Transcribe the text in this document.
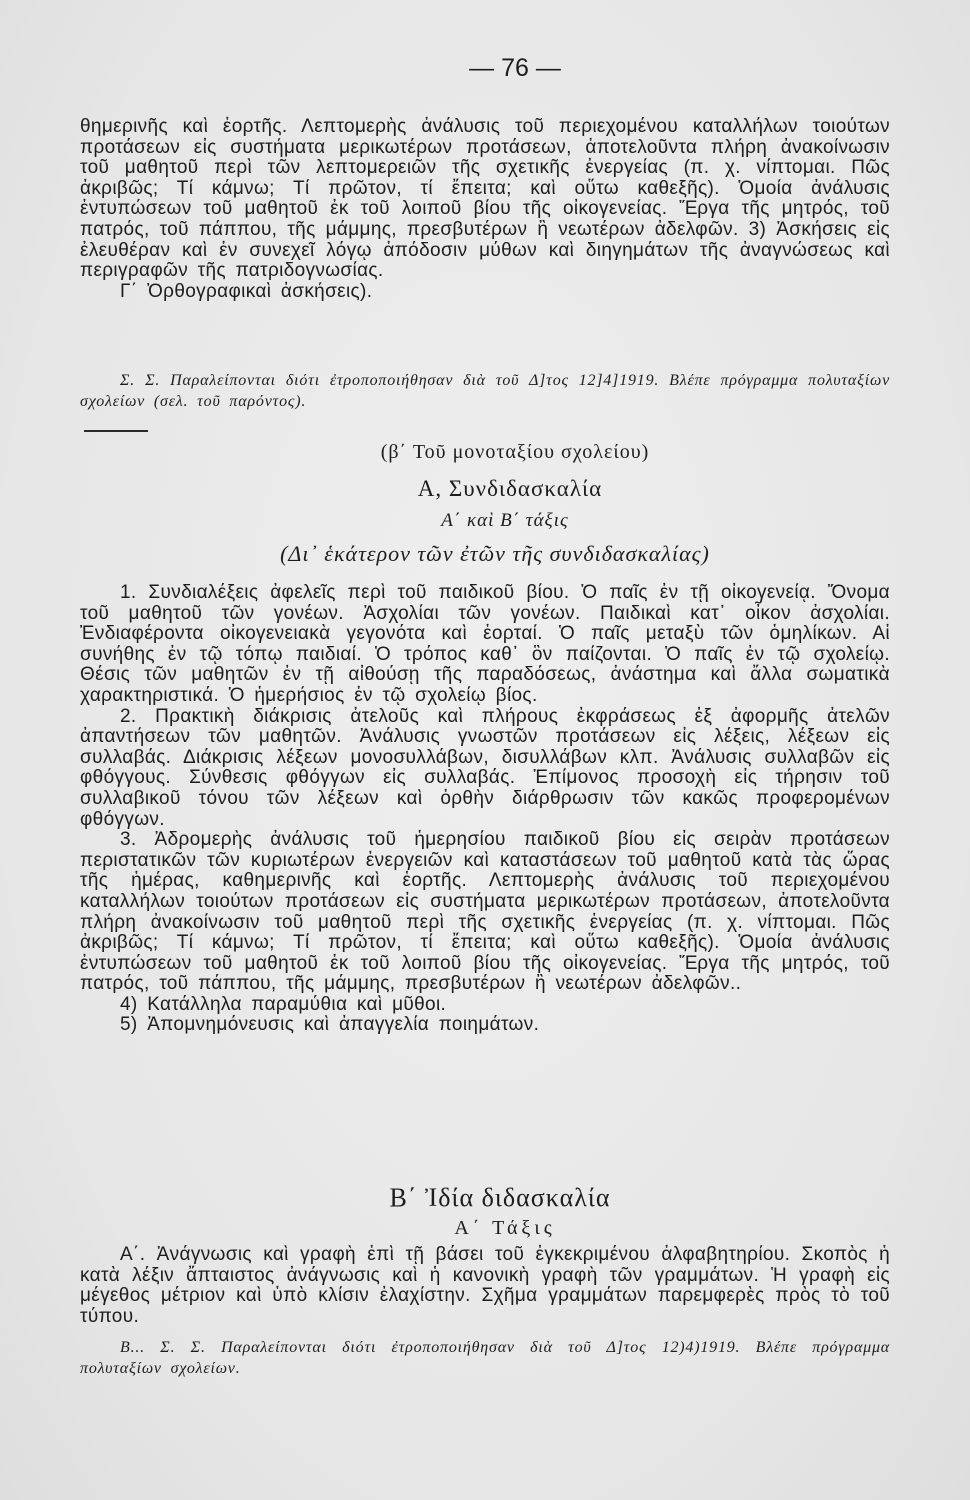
— 76 —

θημερινῆς καὶ ἑορτῆς. Λεπτομερὴς ἀνάλυσις τοῦ περιεχομένου καταλλήλων τοιούτων προτάσεων εἰς συστήματα μερικωτέρων προτάσεων, ἀποτελοῦντα πλήρη ἀνακοίνωσιν τοῦ μαθητοῦ περὶ τῶν λεπτομερειῶν τῆς σχετικῆς ἐνεργείας (π. χ. νίπτομαι. Πῶς ἀκριβῶς; Τί κάμνω; Τί πρῶτον, τί ἔπειτα; καὶ οὕτω καθεξῆς). Ὁμοία ἀνάλυσις ἐντυπώσεων τοῦ μαθητοῦ ἐκ τοῦ λοιποῦ βίου τῆς οἰκογενείας. Ἔργα τῆς μητρός, τοῦ πατρός, τοῦ πάππου, τῆς μάμμης, πρεσβυτέρων ἢ νεωτέρων ἀδελφῶν. 3) Ἀσκήσεις εἰς ἐλευθέραν καὶ ἐν συνεχεῖ λόγῳ ἀπόδοσιν μύθων καὶ διηγημάτων τῆς ἀναγνώσεως καὶ περιγραφῶν τῆς πατριδογνωσίας.

Γ΄ Ὀρθογραφικαὶ ἀσκήσεις).

Σ. Σ. Παραλείπονται διότι ἐτροποποιήθησαν διὰ τοῦ Δ]τος 12]4]1919. Βλέπε πρόγραμμα πολυταξίων σχολείων (σελ. τοῦ παρόντος).

(β΄ Τοῦ μονοταξίου σχολείου)
Α, Συνδιδασκαλία
Α΄ καὶ Β΄ τάξις
(Δι᾽ ἑκάτερον τῶν ἐτῶν τῆς συνδιδασκαλίας)

1. Συνδιαλέξεις ἀφελεῖς περὶ τοῦ παιδικοῦ βίου. Ὁ παῖς ἐν τῇ οἰκογενείᾳ. Ὄνομα τοῦ μαθητοῦ τῶν γονέων. Ἀσχολίαι τῶν γονέων. Παιδικαὶ κατ᾽ οἶκον ἀσχολίαι. Ἐνδιαφέροντα οἰκογενειακὰ γεγονότα καὶ ἑορταί. Ὁ παῖς μεταξὺ τῶν ὁμηλίκων. Αἱ συνήθης ἐν τῷ τόπῳ παιδιαί. Ὁ τρόπος καθ᾽ ὃν παίζονται. Ὁ παῖς ἐν τῷ σχολείῳ. Θέσις τῶν μαθητῶν ἐν τῇ αἰθούσῃ τῆς παραδόσεως, ἀνάστημα καὶ ἄλλα σωματικὰ χαρακτηριστικά. Ὁ ἡμερήσιος ἐν τῷ σχολείῳ βίος.

2. Πρακτικὴ διάκρισις ἀτελοῦς καὶ πλήρους ἐκφράσεως ἐξ ἀφορμῆς ἀτελῶν ἀπαντήσεων τῶν μαθητῶν. Ἀνάλυσις γνωστῶν προτάσεων εἰς λέξεις, λέξεων εἰς συλλαβάς. Διάκρισις λέξεων μονοσυλλάβων, δισυλλάβων κλπ. Ἀνάλυσις συλλαβῶν εἰς φθόγγους. Σύνθεσις φθόγγων εἰς συλλαβάς. Ἐπίμονος προσοχὴ εἰς τήρησιν τοῦ συλλαβικοῦ τόνου τῶν λέξεων καὶ ὀρθὴν διάρθρωσιν τῶν κακῶς προφερομένων φθόγγων.

3. Ἀδρομερὴς ἀνάλυσις τοῦ ἡμερησίου παιδικοῦ βίου εἰς σειρὰν προτάσεων περιστατικῶν τῶν κυριωτέρων ἐνεργειῶν καὶ καταστάσεων τοῦ μαθητοῦ κατὰ τὰς ὥρας τῆς ἡμέρας, καθημερινῆς καὶ ἑορτῆς. Λεπτομερὴς ἀνάλυσις τοῦ περιεχομένου καταλλήλων τοιούτων προτάσεων εἰς συστήματα μερικωτέρων προτάσεων, ἀποτελοῦντα πλήρη ἀνακοίνωσιν τοῦ μαθητοῦ περὶ τῆς σχετικῆς ἐνεργείας (π. χ. νίπτομαι. Πῶς ἀκριβῶς; Τί κάμνω; Τί πρῶτον, τί ἔπειτα; καὶ οὕτω καθεξῆς). Ὁμοία ἀνάλυσις ἐντυπώσεων τοῦ μαθητοῦ ἐκ τοῦ λοιποῦ βίου τῆς οἰκογενείας. Ἔργα τῆς μητρός, τοῦ πατρός, τοῦ πάππου, τῆς μάμμης, πρεσβυτέρων ἢ νεωτέρων ἀδελφῶν..

4) Κατάλληλα παραμύθια καὶ μῦθοι.

5) Ἀπομνημόνευσις καὶ ἀπαγγελία ποιημάτων.

Β΄ Ἰδία διδασκαλία
Α΄ Τάξις

Α΄. Ἀνάγνωσις καὶ γραφὴ ἐπὶ τῇ βάσει τοῦ ἐγκεκριμένου ἀλφαβητηρίου. Σκοπὸς ἡ κατὰ λέξιν ἄπταιστος ἀνάγνωσις καὶ ἡ κανονικὴ γραφὴ τῶν γραμμάτων. Ἡ γραφὴ εἰς μέγεθος μέτριον καὶ ὑπὸ κλίσιν ἐλαχίστην. Σχῆμα γραμμάτων παρεμφερὲς πρὸς τὸ τοῦ τύπου.

Β... Σ. Σ. Παραλείπονται διότι ἐτροποποιήθησαν διὰ τοῦ Δ]τος 12)4)1919. Βλέπε πρόγραμμα πολυταξίων σχολείων.
